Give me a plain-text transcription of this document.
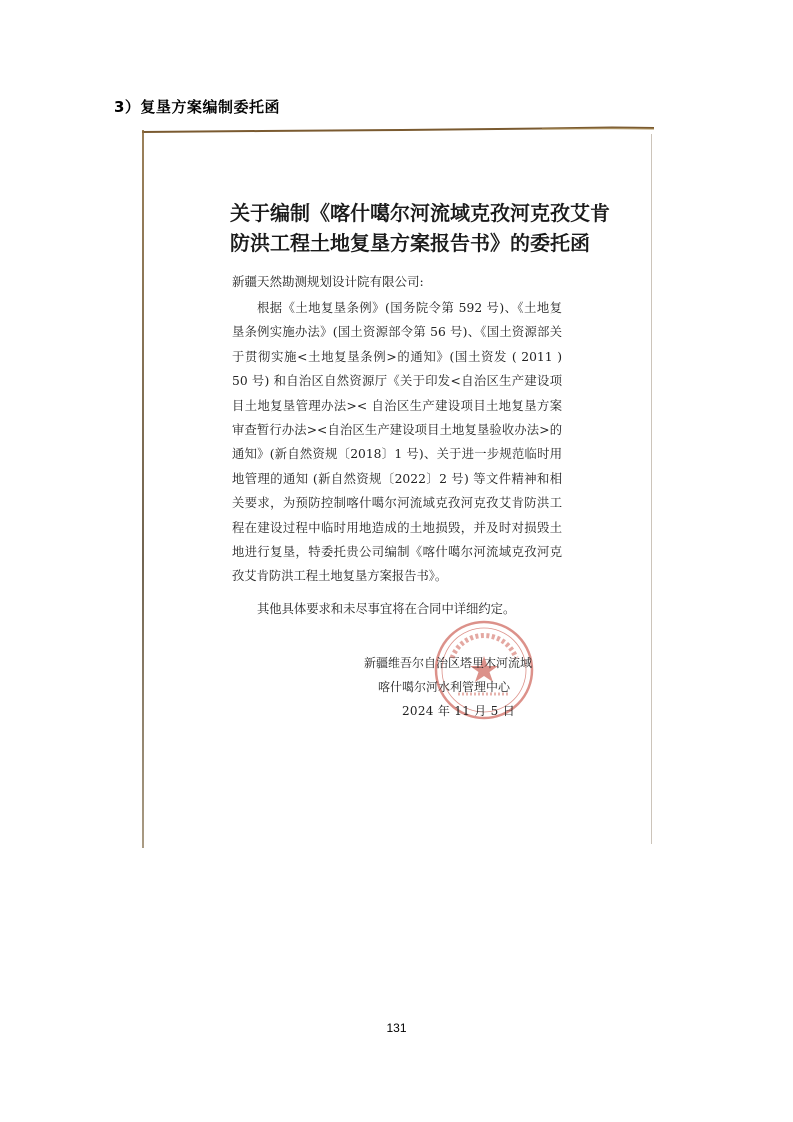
3）复垦方案编制委托函
关于编制《喀什噶尔河流域克孜河克孜艾肯
防洪工程土地复垦方案报告书》的委托函
新疆天然勘测规划设计院有限公司:
根据《土地复垦条例》(国务院令第 592 号)、《土地复垦条例实施办法》(国土资源部令第 56 号)、《国土资源部关于贯彻实施<土地复垦条例>的通知》(国土资发 ( 2011 ) 50 号) 和自治区自然资源厅《关于印发<自治区生产建设项目土地复垦管理办法>< 自治区生产建设项目土地复垦方案审查暂行办法><自治区生产建设项目土地复垦验收办法>的通知》(新自然资规〔2018〕1 号)、关于进一步规范临时用地管理的通知 (新自然资规〔2022〕2 号) 等文件精神和相关要求，为预防控制喀什噶尔河流域克孜河克孜艾肯防洪工程在建设过程中临时用地造成的土地损毁，并及时对损毁土地进行复垦，特委托贵公司编制《喀什噶尔河流域克孜河克孜艾肯防洪工程土地复垦方案报告书》。
其他具体要求和未尽事宜将在合同中详细约定。
新疆维吾尔自治区塔里木河流域
喀什噶尔河水利管理中心
2024 年 11 月 5 日
131
